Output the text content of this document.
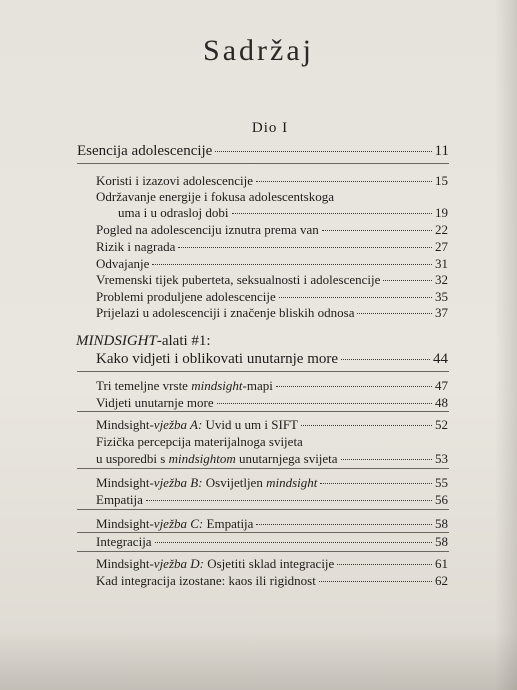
Sadržaj
Dio I
Esencija adolescencije	11
Koristi i izazovi adolescencije	15
Održavanje energije i fokusa adolescentskoga
uma i u odrasloj dobi	19
Pogled na adolescenciju iznutra prema van	22
Rizik i nagrada	27
Odvajanje	31
Vremenski tijek puberteta, seksualnosti i adolescencije	32
Problemi produljene adolescencije	35
Prijelazi u adolescenciji i značenje bliskih odnosa	37
MINDSIGHT-alati #1:
Kako vidjeti i oblikovati unutarnje more	44
Tri temeljne vrste mindsight-mapi	47
Vidjeti unutarnje more	48
Mindsight-vježba A: Uvid u um i SIFT	52
Fizička percepcija materijalnoga svijeta
u usporedbi s mindsightom unutarnjega svijeta	53
Mindsight-vježba B: Osvijetljen mindsight	55
Empatija	56
Mindsight-vježba C: Empatija	58
Integracija	58
Mindsight-vježba D: Osjetiti sklad integracije	61
Kad integracija izostane: kaos ili rigidnost	62
